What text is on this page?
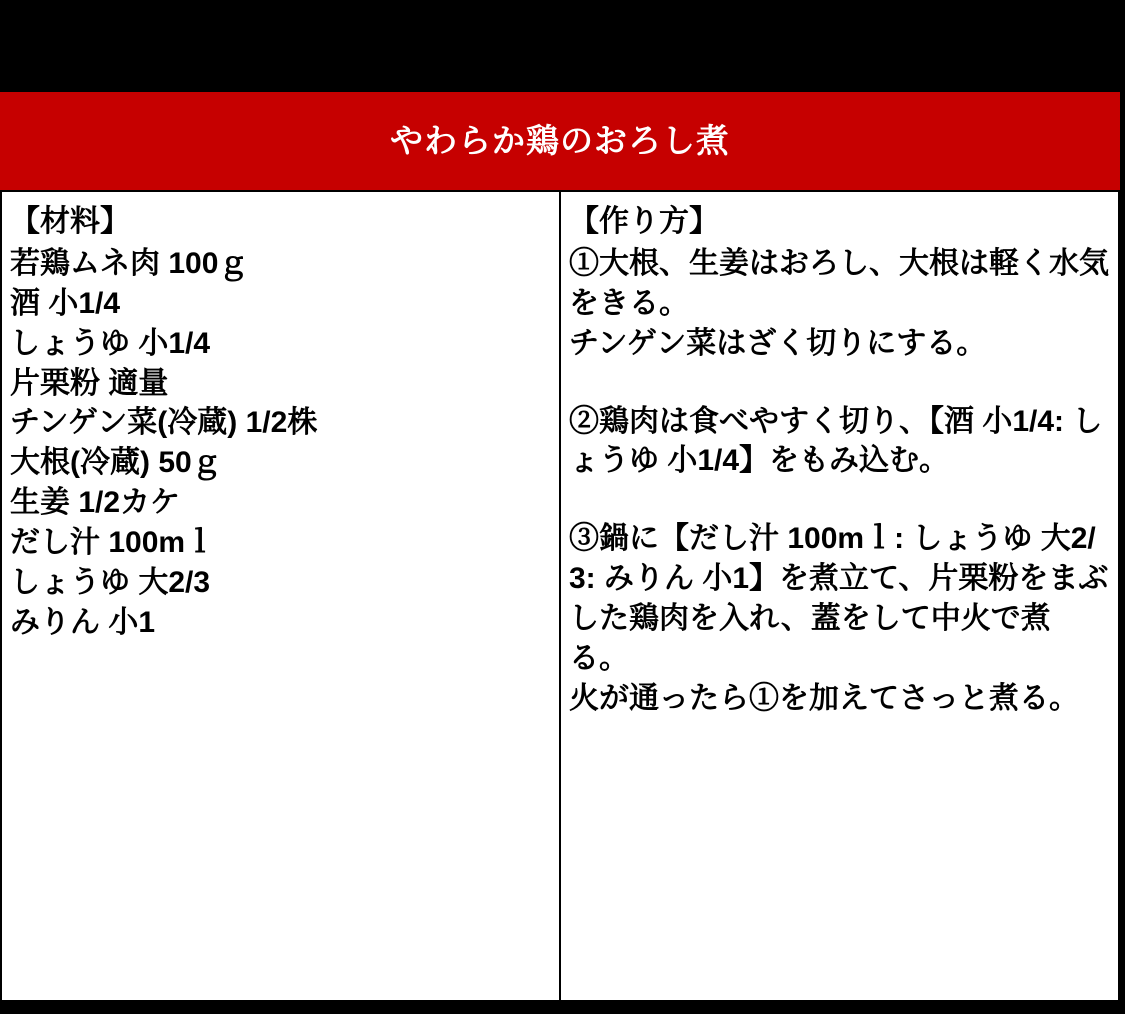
やわらか鶏のおろし煮
【材料】
若鶏ムネ肉 100ｇ
酒 小1/4
しょうゆ 小1/4
片栗粉 適量
チンゲン菜(冷蔵) 1/2株
大根(冷蔵) 50ｇ
生姜 1/2カケ
だし汁 100mｌ
しょうゆ 大2/3
みりん 小1
【作り方】
①大根、生姜はおろし、大根は軽く水気をきる。
チンゲン菜はざく切りにする。
②鶏肉は食べやすく切り、【酒 小1/4: しょうゆ 小1/4】をもみ込む。
③鍋に【だし汁 100mｌ: しょうゆ 大2/3: みりん 小1】を煮立て、片栗粉をまぶした鶏肉を入れ、蓋をして中火で煮る。
火が通ったら①を加えてさっと煮る。
